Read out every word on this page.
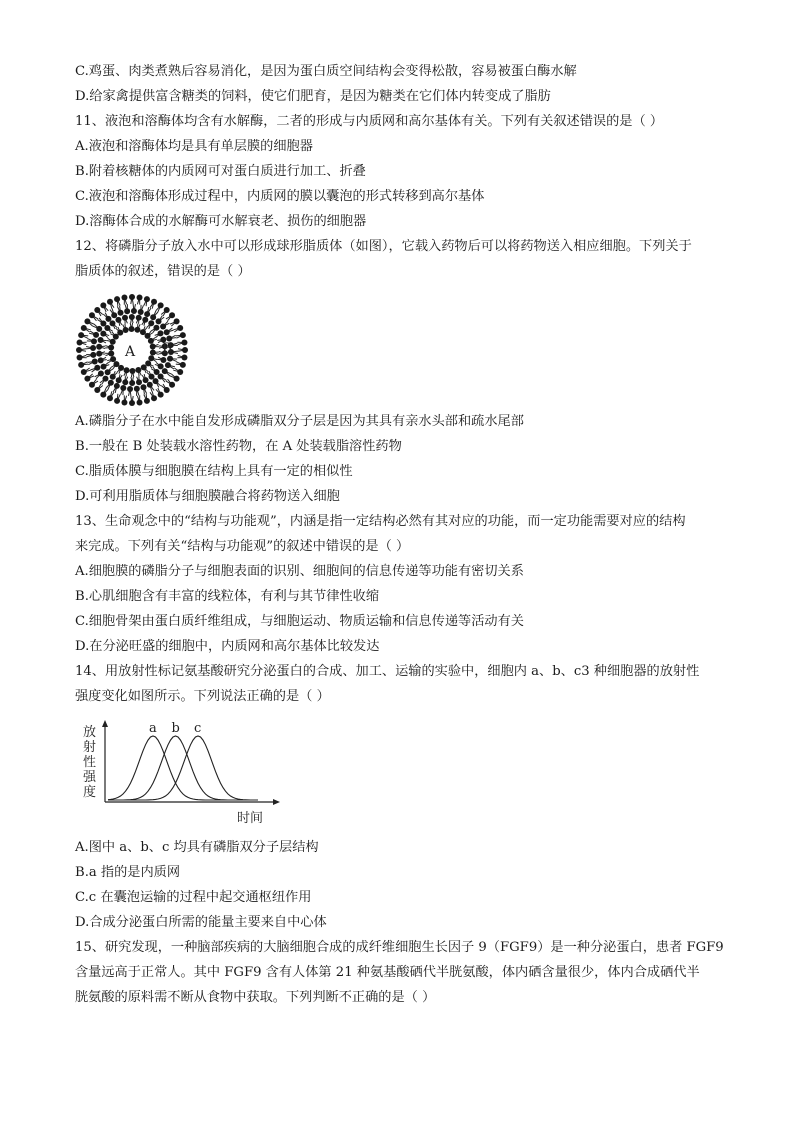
C.鸡蛋、肉类煮熟后容易消化，是因为蛋白质空间结构会变得松散，容易被蛋白酶水解
D.给家禽提供富含糖类的饲料，使它们肥育，是因为糖类在它们体内转变成了脂肪
11、液泡和溶酶体均含有水解酶，二者的形成与内质网和高尔基体有关。下列有关叙述错误的是（ ）
A.液泡和溶酶体均是具有单层膜的细胞器
B.附着核糖体的内质网可对蛋白质进行加工、折叠
C.液泡和溶酶体形成过程中，内质网的膜以囊泡的形式转移到高尔基体
D.溶酶体合成的水解酶可水解衰老、损伤的细胞器
12、将磷脂分子放入水中可以形成球形脂质体（如图），它载入药物后可以将药物送入相应细胞。下列关于
脂质体的叙述，错误的是（ ）
A B
A.磷脂分子在水中能自发形成磷脂双分子层是因为其具有亲水头部和疏水尾部
B.一般在 B 处装载水溶性药物，在 A 处装载脂溶性药物
C.脂质体膜与细胞膜在结构上具有一定的相似性
D.可利用脂质体与细胞膜融合将药物送入细胞
13、生命观念中的“结构与功能观”，内涵是指一定结构必然有其对应的功能，而一定功能需要对应的结构
来完成。下列有关“结构与功能观”的叙述中错误的是（ ）
A.细胞膜的磷脂分子与细胞表面的识别、细胞间的信息传递等功能有密切关系
B.心肌细胞含有丰富的线粒体，有利与其节律性收缩
C.细胞骨架由蛋白质纤维组成，与细胞运动、物质运输和信息传递等活动有关
D.在分泌旺盛的细胞中，内质网和高尔基体比较发达
14、用放射性标记氨基酸研究分泌蛋白的合成、加工、运输的实验中，细胞内 a、b、c3 种细胞器的放射性
强度变化如图所示。下列说法正确的是（ ）
放
射
性
强
度
a b c
时间
A.图中 a、b、c 均具有磷脂双分子层结构
B.a 指的是内质网
C.c 在囊泡运输的过程中起交通枢纽作用
D.合成分泌蛋白所需的能量主要来自中心体
15、研究发现，一种脑部疾病的大脑细胞合成的成纤维细胞生长因子 9（FGF9）是一种分泌蛋白，患者 FGF9
含量远高于正常人。其中 FGF9 含有人体第 21 种氨基酸硒代半胱氨酸，体内硒含量很少，体内合成硒代半
胱氨酸的原料需不断从食物中获取。下列判断不正确的是（ ）
